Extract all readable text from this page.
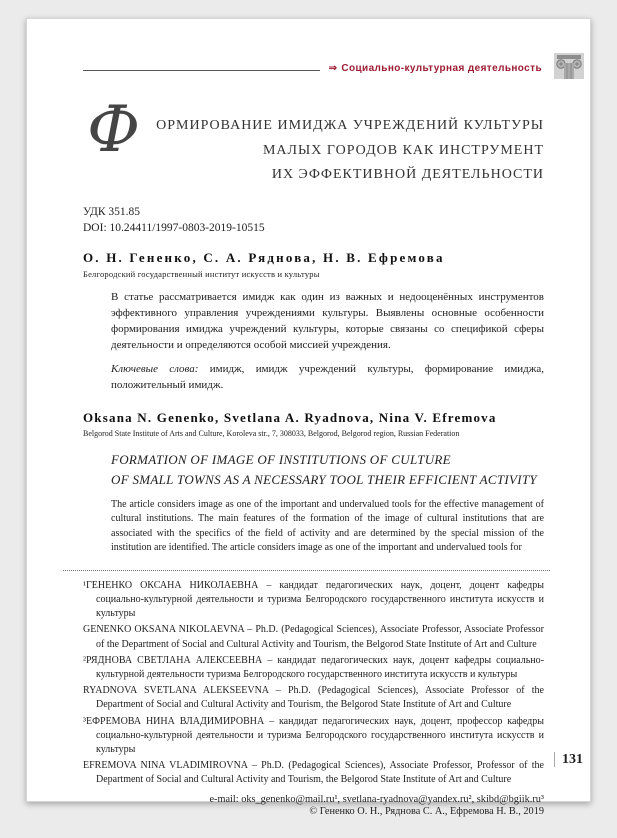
⇒ Социально-культурная деятельность
Ф	ОРМИРОВАНИЕ ИМИДЖА УЧРЕЖДЕНИЙ КУЛЬТУРЫ
МАЛЫХ ГОРОДОВ КАК ИНСТРУМЕНТ
ИХ ЭФФЕКТИВНОЙ ДЕЯТЕЛЬНОСТИ
УДК 351.85
DOI: 10.24411/1997-0803-2019-10515
О. Н. Гененко, С. А. Ряднова, Н. В. Ефремова
Белгородский государственный институт искусств и культуры

В статье рассматривается имидж как один из важных и недооценённых инструментов эффективного управления учреждениями культуры. Выявлены основные особенности формирования имиджа учреждений культуры, которые связаны со спецификой сферы деятельности и определяются особой миссией учреждения.

Ключевые слова: имидж, имидж учреждений культуры, формирование имиджа, положительный имидж.

Oksana N. Genenko, Svetlana A. Ryadnova, Nina V. Efremova
Belgorod State Institute of Arts and Culture, Koroleva str., 7, 308033, Belgorod, Belgorod region, Russian Federation
FORMATION OF IMAGE OF INSTITUTIONS OF CULTURE
OF SMALL TOWNS AS A NECESSARY TOOL THEIR EFFICIENT ACTIVITY

The article considers image as one of the important and undervalued tools for the effective management of cultural institutions. The main features of the formation of the image of cultural institutions that are associated with the specifics of the field of activity and are determined by the special mission of the institution are identified. The article considers image as one of the important and undervalued tools for

¹ГЕНЕНКО ОКСАНА НИКОЛАЕВНА – кандидат педагогических наук, доцент, доцент кафедры социально-культурной деятельности и туризма Белгородского государственного института искусств и культуры

GENENKO OKSANA NIKOLAEVNA – Ph.D. (Pedagogical Sciences), Associate Professor, Associate Professor of the Department of Social and Cultural Activity and Tourism, the Belgorod State Institute of Art and Culture

²РЯДНОВА СВЕТЛАНА АЛЕКСЕЕВНА – кандидат педагогических наук, доцент кафедры социально-культурной деятельности туризма Белгородского государственного института искусств и культуры

RYADNOVA SVETLANA ALEKSEEVNA – Ph.D. (Pedagogical Sciences), Associate Professor of the Department of Social and Cultural Activity and Tourism, the Belgorod State Institute of Art and Culture

³ЕФРЕМОВА НИНА ВЛАДИМИРОВНА – кандидат педагогических наук, доцент, профессор кафедры социально-культурной деятельности и туризма Белгородского государственного института искусств и культуры

EFREMOVA NINA VLADIMIROVNA – Ph.D. (Pedagogical Sciences), Associate Professor, Professor of the Department of Social and Cultural Activity and Tourism, the Belgorod State Institute of Art and Culture

e-mail: oks_genenko@mail.ru¹, svetlana-ryadnova@yandex.ru², skibd@bgiik.ru³
© Гененко О. Н., Ряднова С. А., Ефремова Н. В., 2019
131
